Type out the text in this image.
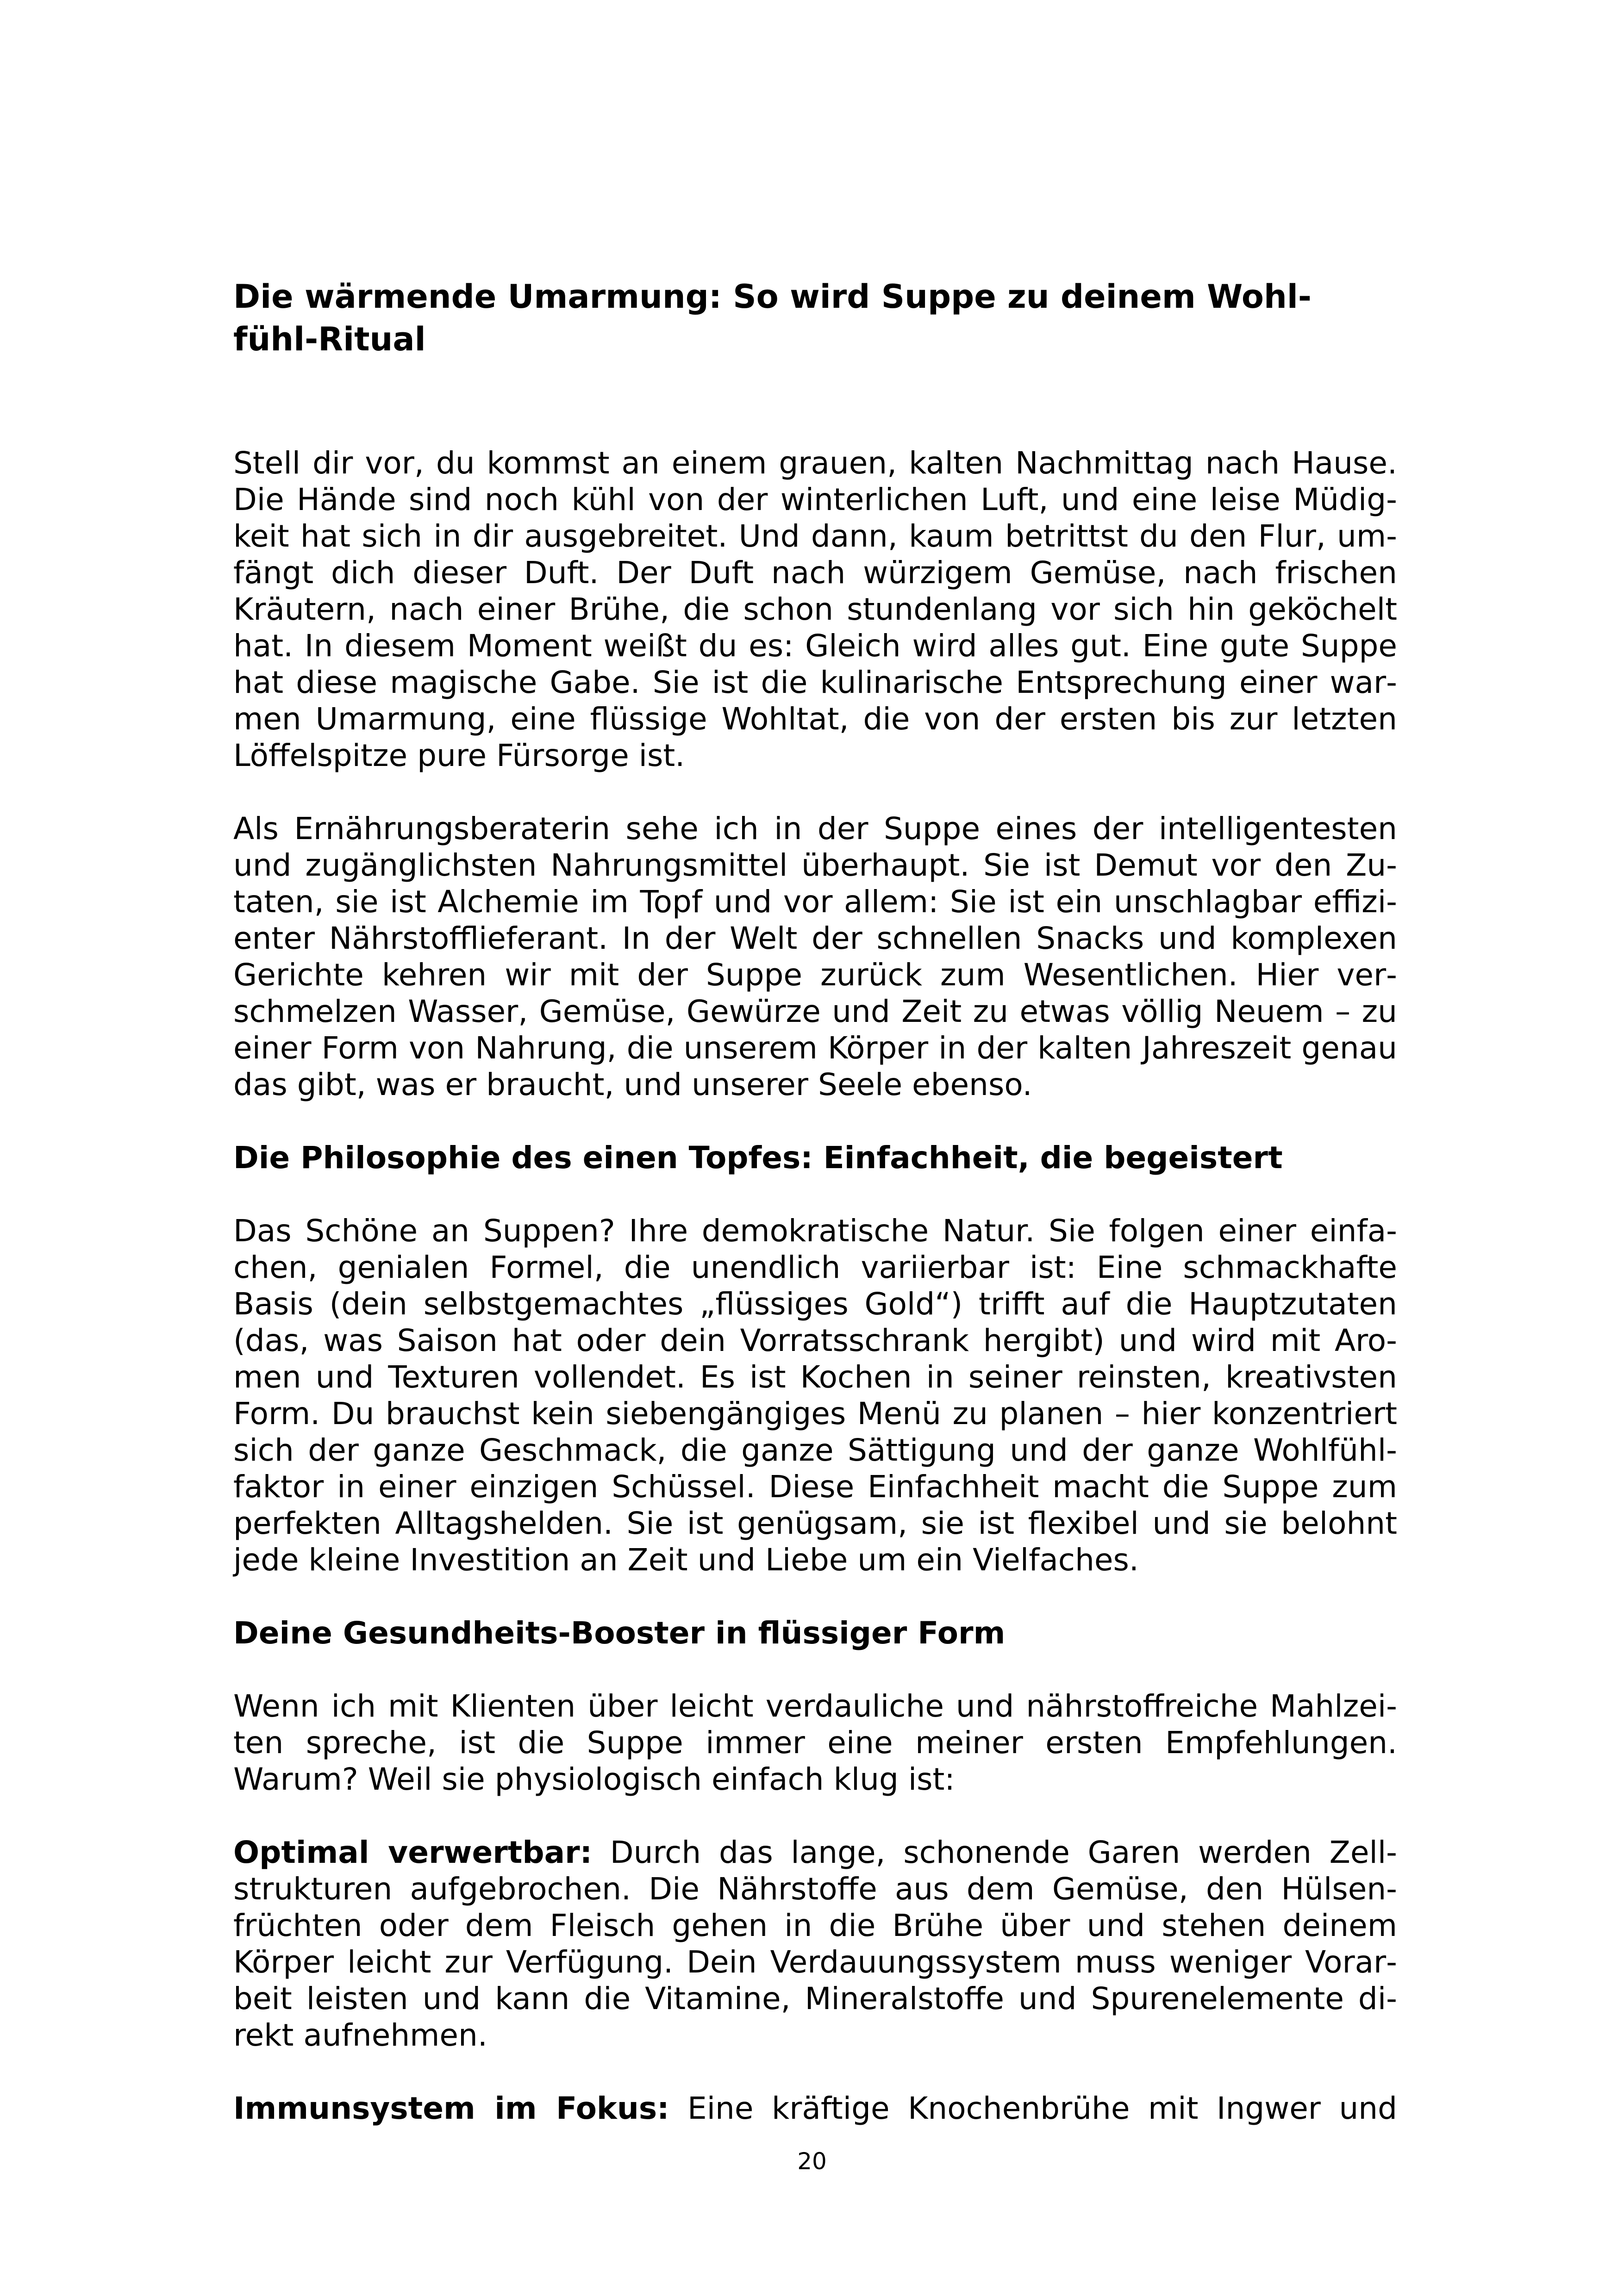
Die wärmende Umarmung: So wird Suppe zu deinem Wohl-
fühl-Ritual

Stell dir vor, du kommst an einem grauen, kalten Nachmittag nach Hause. Die Hände sind noch kühl von der winterlichen Luft, und eine leise Müdigkeit hat sich in dir ausgebreitet. Und dann, kaum betrittst du den Flur, umfängt dich dieser Duft. Der Duft nach würzigem Gemüse, nach frischen Kräutern, nach einer Brühe, die schon stundenlang vor sich hin geköchelt hat. In diesem Moment weißt du es: Gleich wird alles gut. Eine gute Suppe hat diese magische Gabe. Sie ist die kulinarische Entsprechung einer warmen Umarmung, eine flüssige Wohltat, die von der ersten bis zur letzten Löffelspitze pure Fürsorge ist.

Als Ernährungsberaterin sehe ich in der Suppe eines der intelligentesten und zugänglichsten Nahrungsmittel überhaupt. Sie ist Demut vor den Zutaten, sie ist Alchemie im Topf und vor allem: Sie ist ein unschlagbar effizienter Nährstofflieferant. In der Welt der schnellen Snacks und komplexen Gerichte kehren wir mit der Suppe zurück zum Wesentlichen. Hier verschmelzen Wasser, Gemüse, Gewürze und Zeit zu etwas völlig Neuem – zu einer Form von Nahrung, die unserem Körper in der kalten Jahreszeit genau das gibt, was er braucht, und unserer Seele ebenso.

Die Philosophie des einen Topfes: Einfachheit, die begeistert

Das Schöne an Suppen? Ihre demokratische Natur. Sie folgen einer einfachen, genialen Formel, die unendlich variierbar ist: Eine schmackhafte Basis (dein selbstgemachtes „flüssiges Gold“) trifft auf die Hauptzutaten (das, was Saison hat oder dein Vorratsschrank hergibt) und wird mit Aromen und Texturen vollendet. Es ist Kochen in seiner reinsten, kreativsten Form. Du brauchst kein siebengängiges Menü zu planen – hier konzentriert sich der ganze Geschmack, die ganze Sättigung und der ganze Wohlfühlfaktor in einer einzigen Schüssel. Diese Einfachheit macht die Suppe zum perfekten Alltagshelden. Sie ist genügsam, sie ist flexibel und sie belohnt jede kleine Investition an Zeit und Liebe um ein Vielfaches.

Deine Gesundheits-Booster in flüssiger Form

Wenn ich mit Klienten über leicht verdauliche und nährstoffreiche Mahlzeiten spreche, ist die Suppe immer eine meiner ersten Empfehlungen. Warum? Weil sie physiologisch einfach klug ist:

Optimal verwertbar: Durch das lange, schonende Garen werden Zellstrukturen aufgebrochen. Die Nährstoffe aus dem Gemüse, den Hülsenfrüchten oder dem Fleisch gehen in die Brühe über und stehen deinem Körper leicht zur Verfügung. Dein Verdauungssystem muss weniger Vorarbeit leisten und kann die Vitamine, Mineralstoffe und Spurenelemente direkt aufnehmen.

Immunsystem im Fokus: Eine kräftige Knochenbrühe mit Ingwer und

20
